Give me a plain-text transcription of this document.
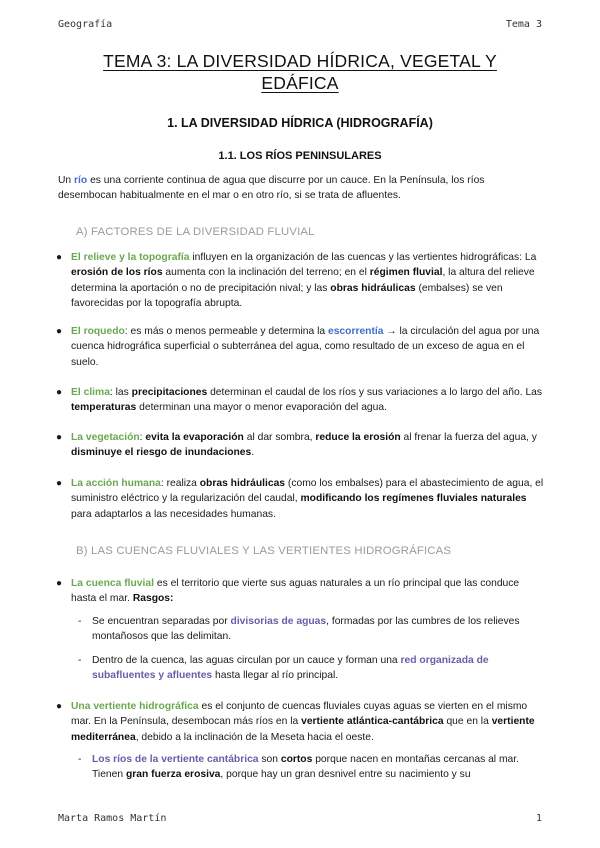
Geografía	Tema 3
TEMA 3: LA DIVERSIDAD HÍDRICA, VEGETAL Y
EDÁFICA
1. LA DIVERSIDAD HÍDRICA (HIDROGRAFÍA)
1.1. LOS RÍOS PENINSULARES
Un río es una corriente continua de agua que discurre por un cauce. En la Península, los ríos desembocan habitualmente en el mar o en otro río, si se trata de afluentes.
A) FACTORES DE LA DIVERSIDAD FLUVIAL
● El relieve y la topografía influyen en la organización de las cuencas y las vertientes hidrográficas: La erosión de los ríos aumenta con la inclinación del terreno; en el régimen fluvial, la altura del relieve determina la aportación o no de precipitación nival; y las obras hidráulicas (embalses) se ven favorecidas por la topografía abrupta.
● El roquedo: es más o menos permeable y determina la escorrentía → la circulación del agua por una cuenca hidrográfica superficial o subterránea del agua, como resultado de un exceso de agua en el suelo.
● El clima: las precipitaciones determinan el caudal de los ríos y sus variaciones a lo largo del año. Las temperaturas determinan una mayor o menor evaporación del agua.
● La vegetación: evita la evaporación al dar sombra, reduce la erosión al frenar la fuerza del agua, y disminuye el riesgo de inundaciones.
● La acción humana: realiza obras hidráulicas (como los embalses) para el abastecimiento de agua, el suministro eléctrico y la regularización del caudal, modificando los regímenes fluviales naturales para adaptarlos a las necesidades humanas.
B) LAS CUENCAS FLUVIALES Y LAS VERTIENTES HIDROGRÁFICAS
● La cuenca fluvial es el territorio que vierte sus aguas naturales a un río principal que las conduce hasta el mar. Rasgos:
- Se encuentran separadas por divisorias de aguas, formadas por las cumbres de los relieves montañosos que las delimitan.
- Dentro de la cuenca, las aguas circulan por un cauce y forman una red organizada de subafluentes y afluentes hasta llegar al río principal.
● Una vertiente hidrográfica es el conjunto de cuencas fluviales cuyas aguas se vierten en el mismo mar. En la Península, desembocan más ríos en la vertiente atlántica-cantábrica que en la vertiente mediterránea, debido a la inclinación de la Meseta hacia el oeste.
- Los ríos de la vertiente cantábrica son cortos porque nacen en montañas cercanas al mar. Tienen gran fuerza erosiva, porque hay un gran desnivel entre su nacimiento y su
Marta Ramos Martín	1
